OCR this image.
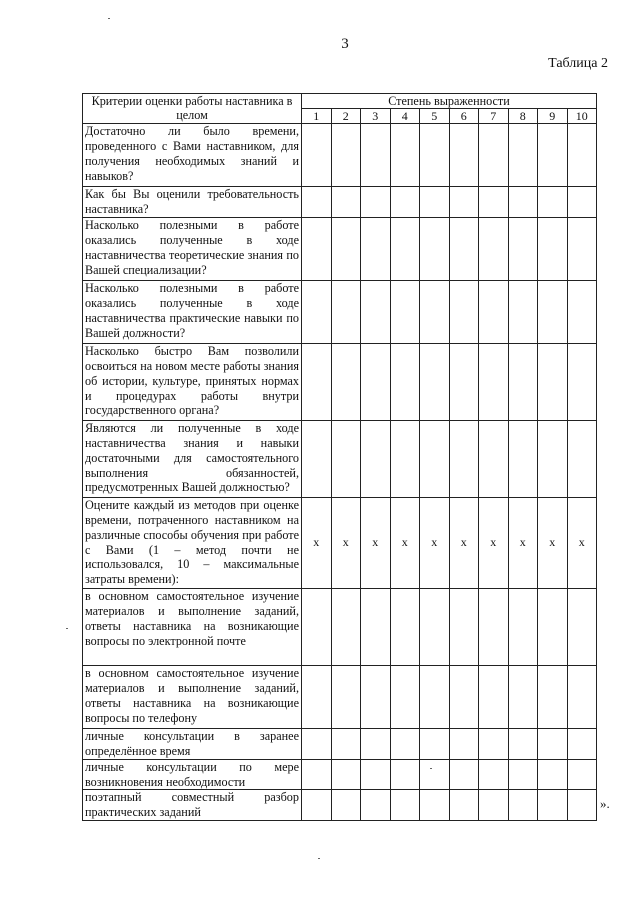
3
Таблица 2
Критерии оценки работы наставника в целом	Степень выраженности									
	1	2	3	4	5	6	7	8	9	10
Достаточно ли было времени, проведенного с Вами наставником, для получения необходимых знаний и навыков?										
Как бы Вы оценили требовательность наставника?										
Насколько полезными в работе оказались полученные в ходе наставничества теоретические знания по Вашей специализации?										
Насколько полезными в работе оказались полученные в ходе наставничества практические навыки по Вашей должности?										
Насколько быстро Вам позволили освоиться на новом месте работы знания об истории, культуре, принятых нормах и процедурах работы внутри государственного органа?										
Являются ли полученные в ходе наставничества знания и навыки достаточными для самостоятельного выполнения обязанностей, предусмотренных Вашей должностью?										
Оцените каждый из методов при оценке времени, потраченного наставником на различные способы обучения при работе с Вами (1 – метод почти не использовался, 10 – максимальные затраты времени):	x	x	x	x	x	x	x	x	x	x
в основном самостоятельное изучение материалов и выполнение заданий, ответы наставника на возникающие вопросы по электронной почте										
в основном самостоятельное изучение материалов и выполнение заданий, ответы наставника на возникающие вопросы по телефону										
личные консультации в заранее определённое время										
личные консультации по мере возникновения необходимости										
поэтапный совместный разбор практических заданий										
».
